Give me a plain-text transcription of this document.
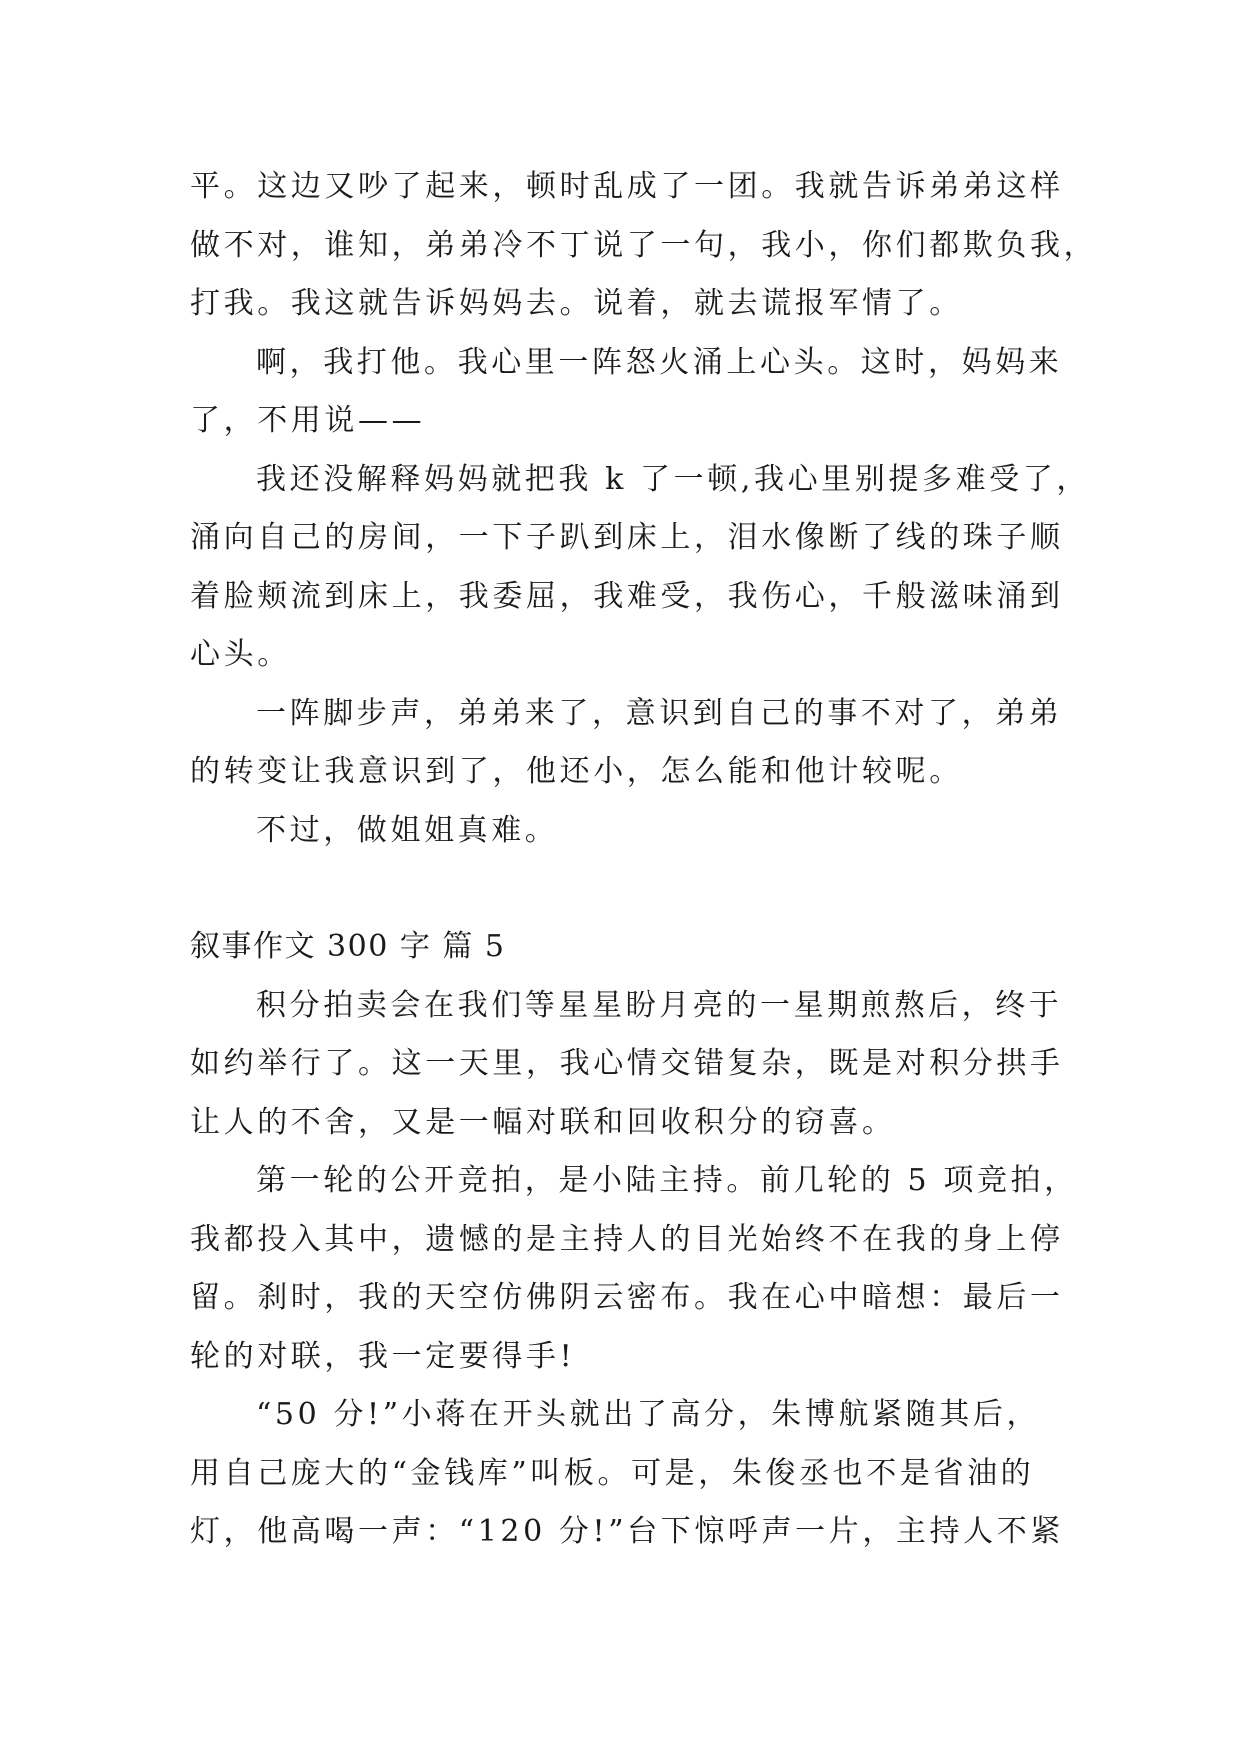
平。这边又吵了起来，顿时乱成了一团。我就告诉弟弟这样
做不对，谁知，弟弟冷不丁说了一句，我小，你们都欺负我，
打我。我这就告诉妈妈去。说着，就去谎报军情了。
啊，我打他。我心里一阵怒火涌上心头。这时，妈妈来
了，不用说——
我还没解释妈妈就把我 k 了一顿,我心里别提多难受了，
涌向自己的房间，一下子趴到床上，泪水像断了线的珠子顺
着脸颊流到床上，我委屈，我难受，我伤心，千般滋味涌到
心头。
一阵脚步声，弟弟来了，意识到自己的事不对了，弟弟
的转变让我意识到了，他还小，怎么能和他计较呢。
不过，做姐姐真难。
叙事作文 300 字 篇 5
积分拍卖会在我们等星星盼月亮的一星期煎熬后，终于
如约举行了。这一天里，我心情交错复杂，既是对积分拱手
让人的不舍，又是一幅对联和回收积分的窃喜。
第一轮的公开竞拍，是小陆主持。前几轮的 5 项竞拍，
我都投入其中，遗憾的是主持人的目光始终不在我的身上停
留。刹时，我的天空仿佛阴云密布。我在心中暗想：最后一
轮的对联，我一定要得手!
“50 分!”小蒋在开头就出了高分，朱博航紧随其后，
用自己庞大的“金钱库”叫板。可是，朱俊丞也不是省油的
灯，他高喝一声：“120 分!”台下惊呼声一片，主持人不紧
